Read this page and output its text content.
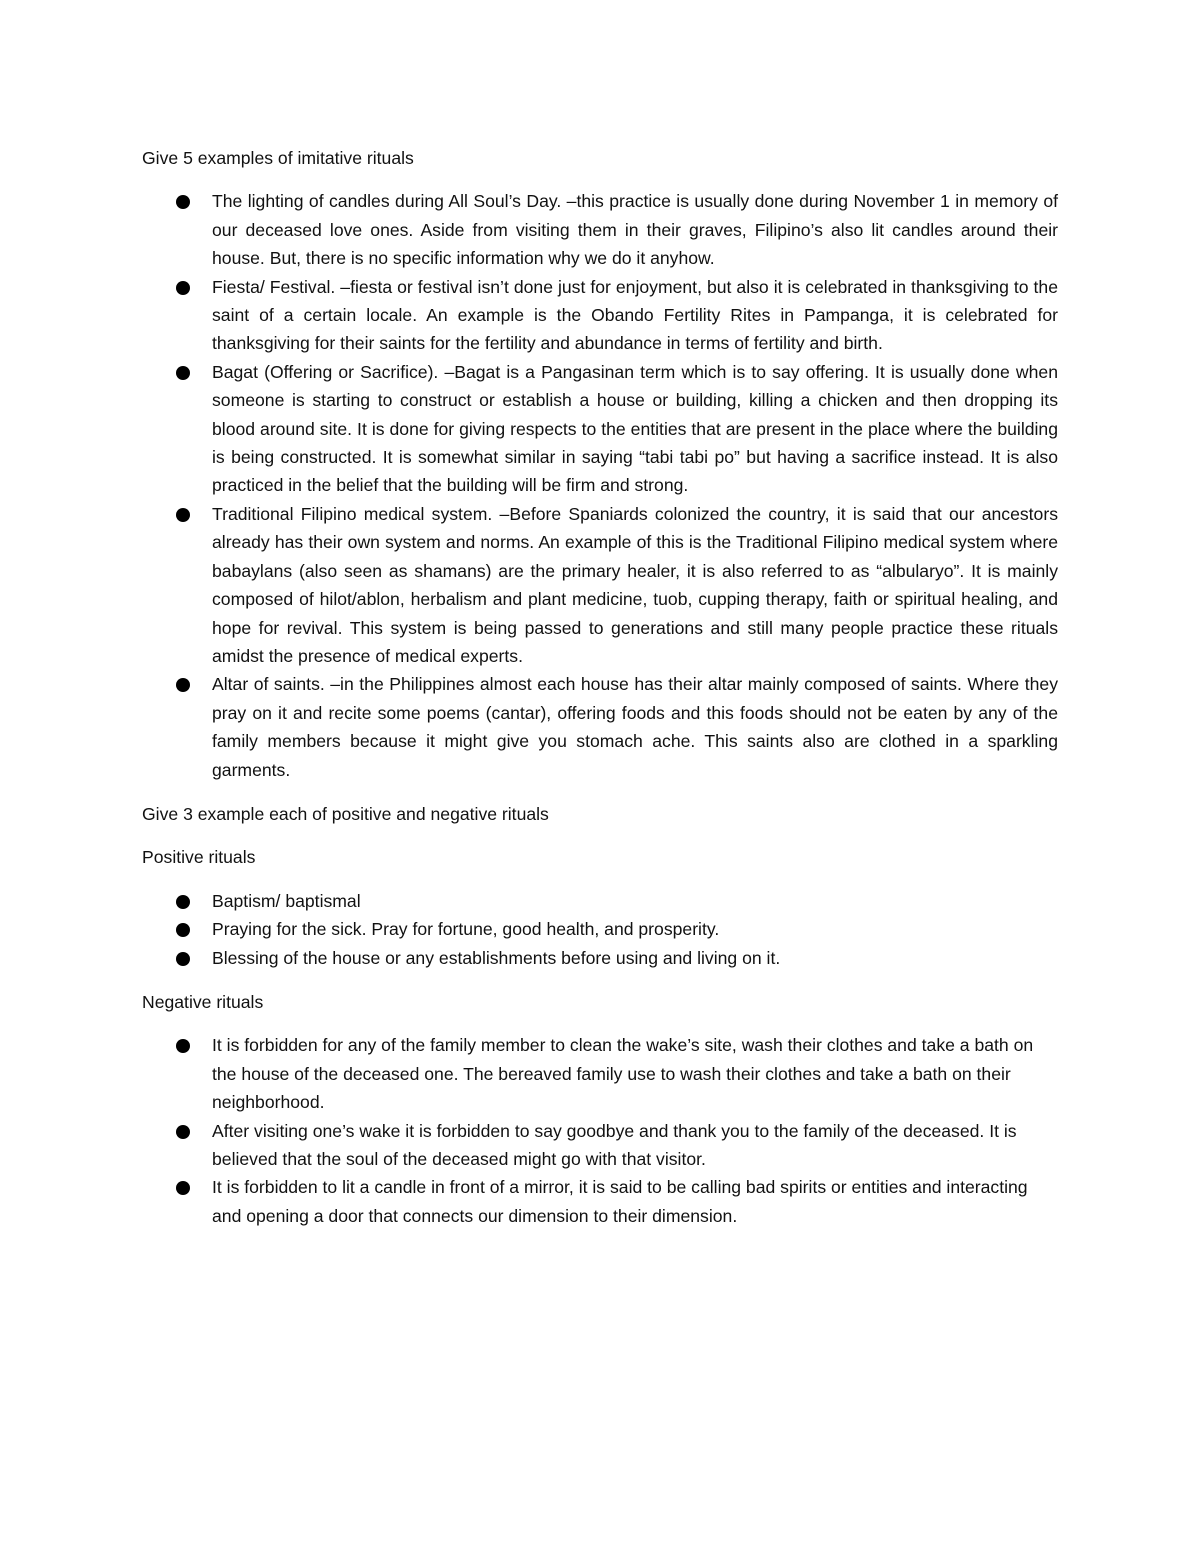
Give 5 examples of imitative rituals

The lighting of candles during All Soul’s Day. –this practice is usually done during November 1 in memory of our deceased love ones. Aside from visiting them in their graves, Filipino’s also lit candles around their house. But, there is no specific information why we do it anyhow.
Fiesta/ Festival. –fiesta or festival isn’t done just for enjoyment, but also it is celebrated in thanksgiving to the saint of a certain locale. An example is the Obando Fertility Rites in Pampanga, it is celebrated for thanksgiving for their saints for the fertility and abundance in terms of fertility and birth.
Bagat (Offering or Sacrifice). –Bagat is a Pangasinan term which is to say offering. It is usually done when someone is starting to construct or establish a house or building, killing a chicken and then dropping its blood around site. It is done for giving respects to the entities that are present in the place where the building is being constructed. It is somewhat similar in saying “tabi tabi po” but having a sacrifice instead. It is also practiced in the belief that the building will be firm and strong.
Traditional Filipino medical system. –Before Spaniards colonized the country, it is said that our ancestors already has their own system and norms. An example of this is the Traditional Filipino medical system where babaylans (also seen as shamans) are the primary healer, it is also referred to as “albularyo”. It is mainly composed of hilot/ablon, herbalism and plant medicine, tuob, cupping therapy, faith or spiritual healing, and hope for revival. This system is being passed to generations and still many people practice these rituals amidst the presence of medical experts.
Altar of saints. –in the Philippines almost each house has their altar mainly composed of saints. Where they pray on it and recite some poems (cantar), offering foods and this foods should not be eaten by any of the family members because it might give you stomach ache. This saints also are clothed in a sparkling garments.

Give 3 example each of positive and negative rituals

Positive rituals

Baptism/ baptismal
Praying for the sick. Pray for fortune, good health, and prosperity.
Blessing of the house or any establishments before using and living on it.

Negative rituals

It is forbidden for any of the family member to clean the wake’s site, wash their clothes and take a bath on the house of the deceased one. The bereaved family use to wash their clothes and take a bath on their neighborhood.
After visiting one’s wake it is forbidden to say goodbye and thank you to the family of the deceased. It is believed that the soul of the deceased might go with that visitor.
It is forbidden to lit a candle in front of a mirror, it is said to be calling bad spirits or entities and interacting and opening a door that connects our dimension to their dimension.
